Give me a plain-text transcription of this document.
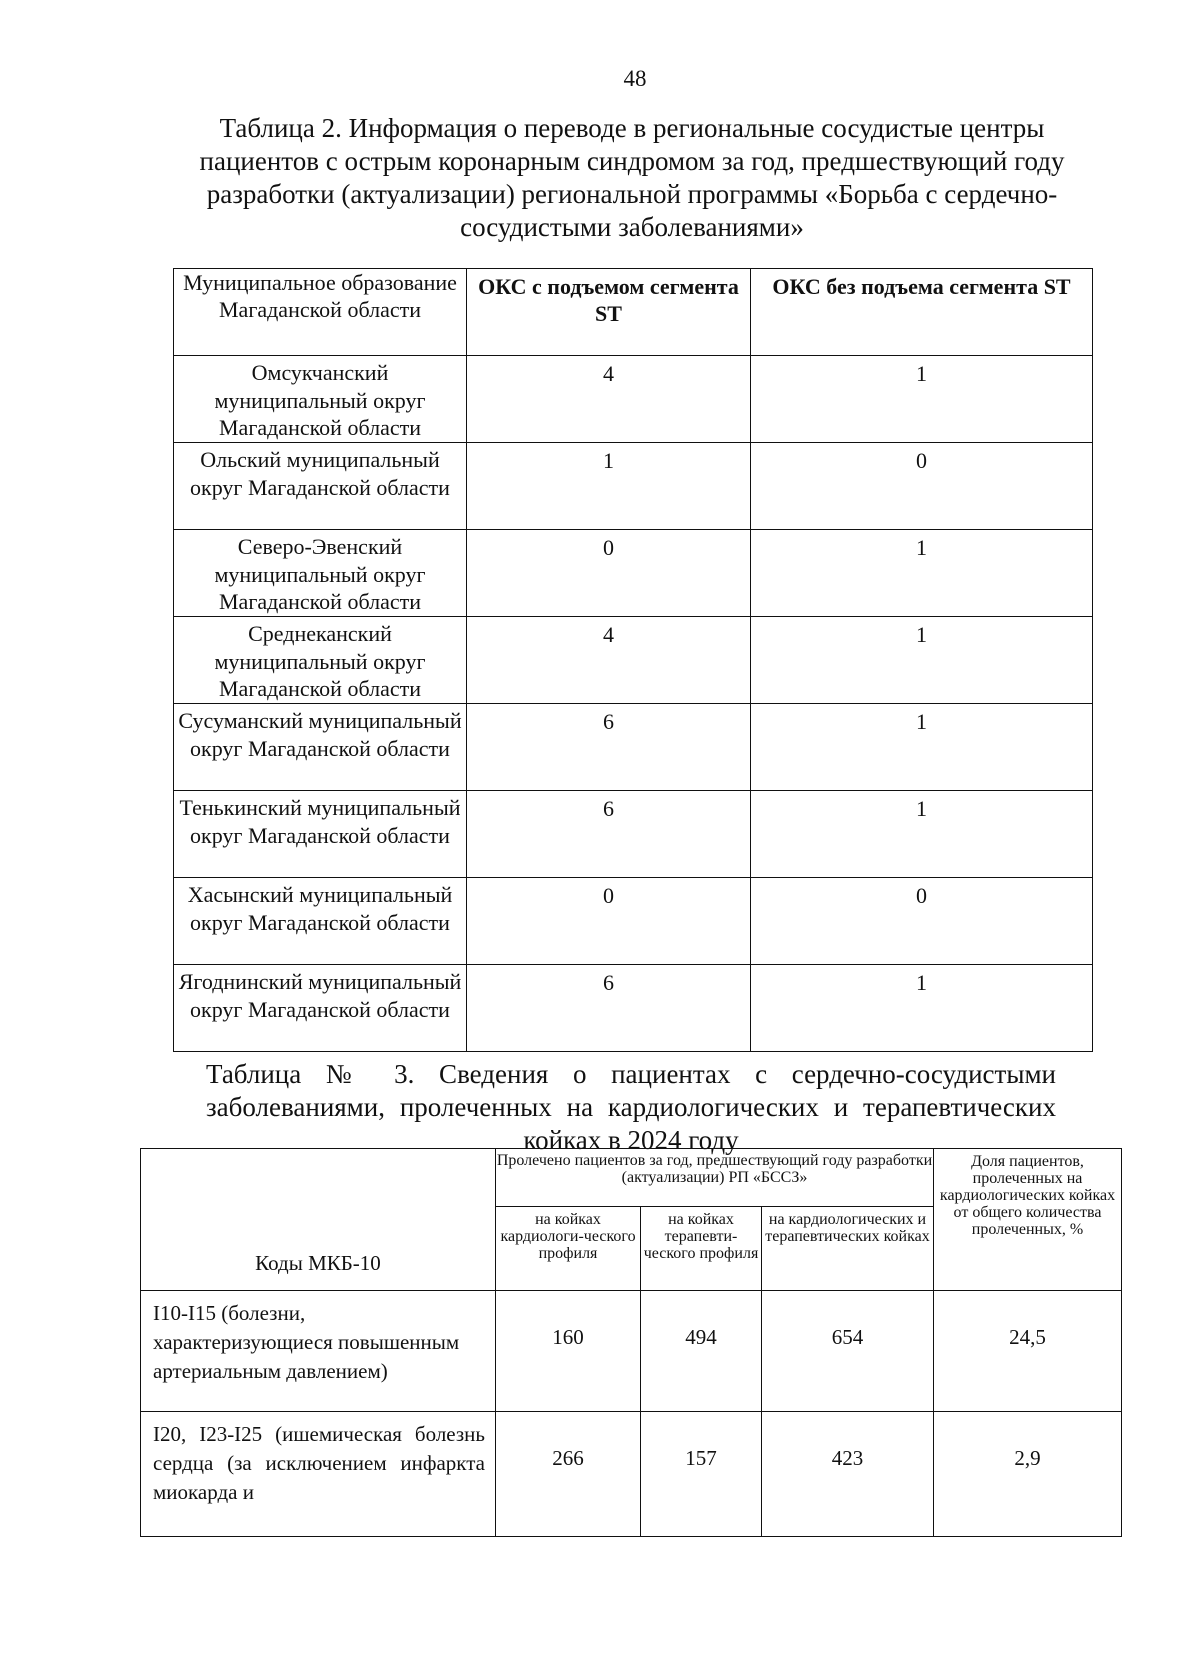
48
Таблица 2. Информация о переводе в региональные сосудистые центры пациентов с острым коронарным синдромом за год, предшествующий году разработки (актуализации) региональной программы «Борьба с сердечно-сосудистыми заболеваниями»
Муниципальное образование Магаданской области	ОКС с подъемом сегмента ST	ОКС без подъема сегмента ST
Омсукчанский муниципальный округ Магаданской области	4	1
Ольский муниципальный округ Магаданской области	1	0
Северо-Эвенский муниципальный округ Магаданской области	0	1
Среднеканский муниципальный округ Магаданской области	4	1
Сусуманский муниципальный округ Магаданской области	6	1
Тенькинский муниципальный округ Магаданской области	6	1
Хасынский муниципальный округ Магаданской области	0	0
Ягоднинский муниципальный округ Магаданской области	6	1
Таблица № 3. Сведения о пациентах с сердечно-сосудистыми заболеваниями, пролеченных на кардиологических и терапевтических койках в 2024 году
Коды МКБ-10	Пролечено пациентов за год, предшествующий году разработки (актуализации) РП «БССЗ»			Доля пациентов, пролеченных на кардиологических койках от общего количества пролеченных, %
	на койках кардиологи-ческого профиля	на койках терапевти-ческого профиля	на кардиологических и терапевтических койках	
I10-I15 (болезни, характеризующиеся повышенным артериальным давлением)	160	494	654	24,5
I20, I23-I25 (ишемическая болезнь сердца (за исключением инфаркта миокарда и	266	157	423	2,9
